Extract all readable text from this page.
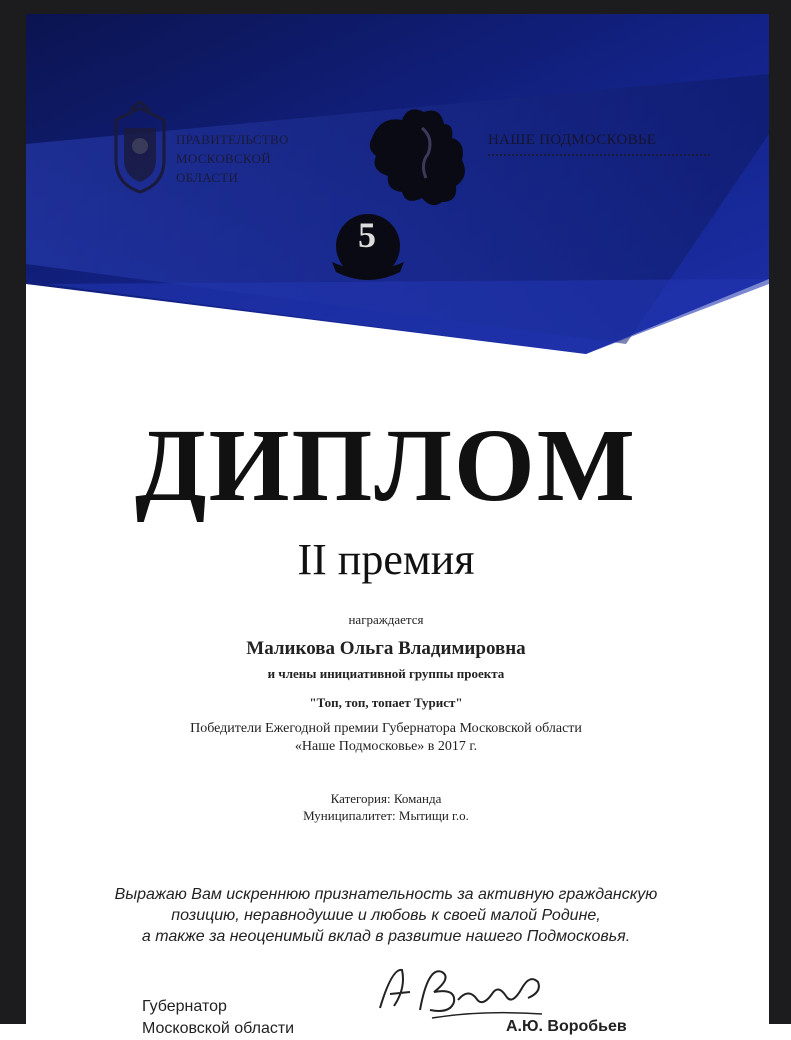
ПРАВИТЕЛЬСТВО
МОСКОВСКОЙ
ОБЛАСТИ
НАШЕ ПОДМОСКОВЬЕ
5
ДИПЛОМ
II премия
награждается
Маликова Ольга Владимировна
и члены инициативной группы проекта
"Топ, топ, топает Турист"
Победители Ежегодной премии Губернатора Московской области
«Наше Подмосковье» в 2017 г.
Категория: Команда
Муниципалитет: Мытищи г.о.
Выражаю Вам искреннюю признательность за активную гражданскую
позицию, неравнодушие и любовь к своей малой Родине,
а также за неоценимый вклад в развитие нашего Подмосковья.
Губернатор
Московской области	А.Ю. Воробьев
